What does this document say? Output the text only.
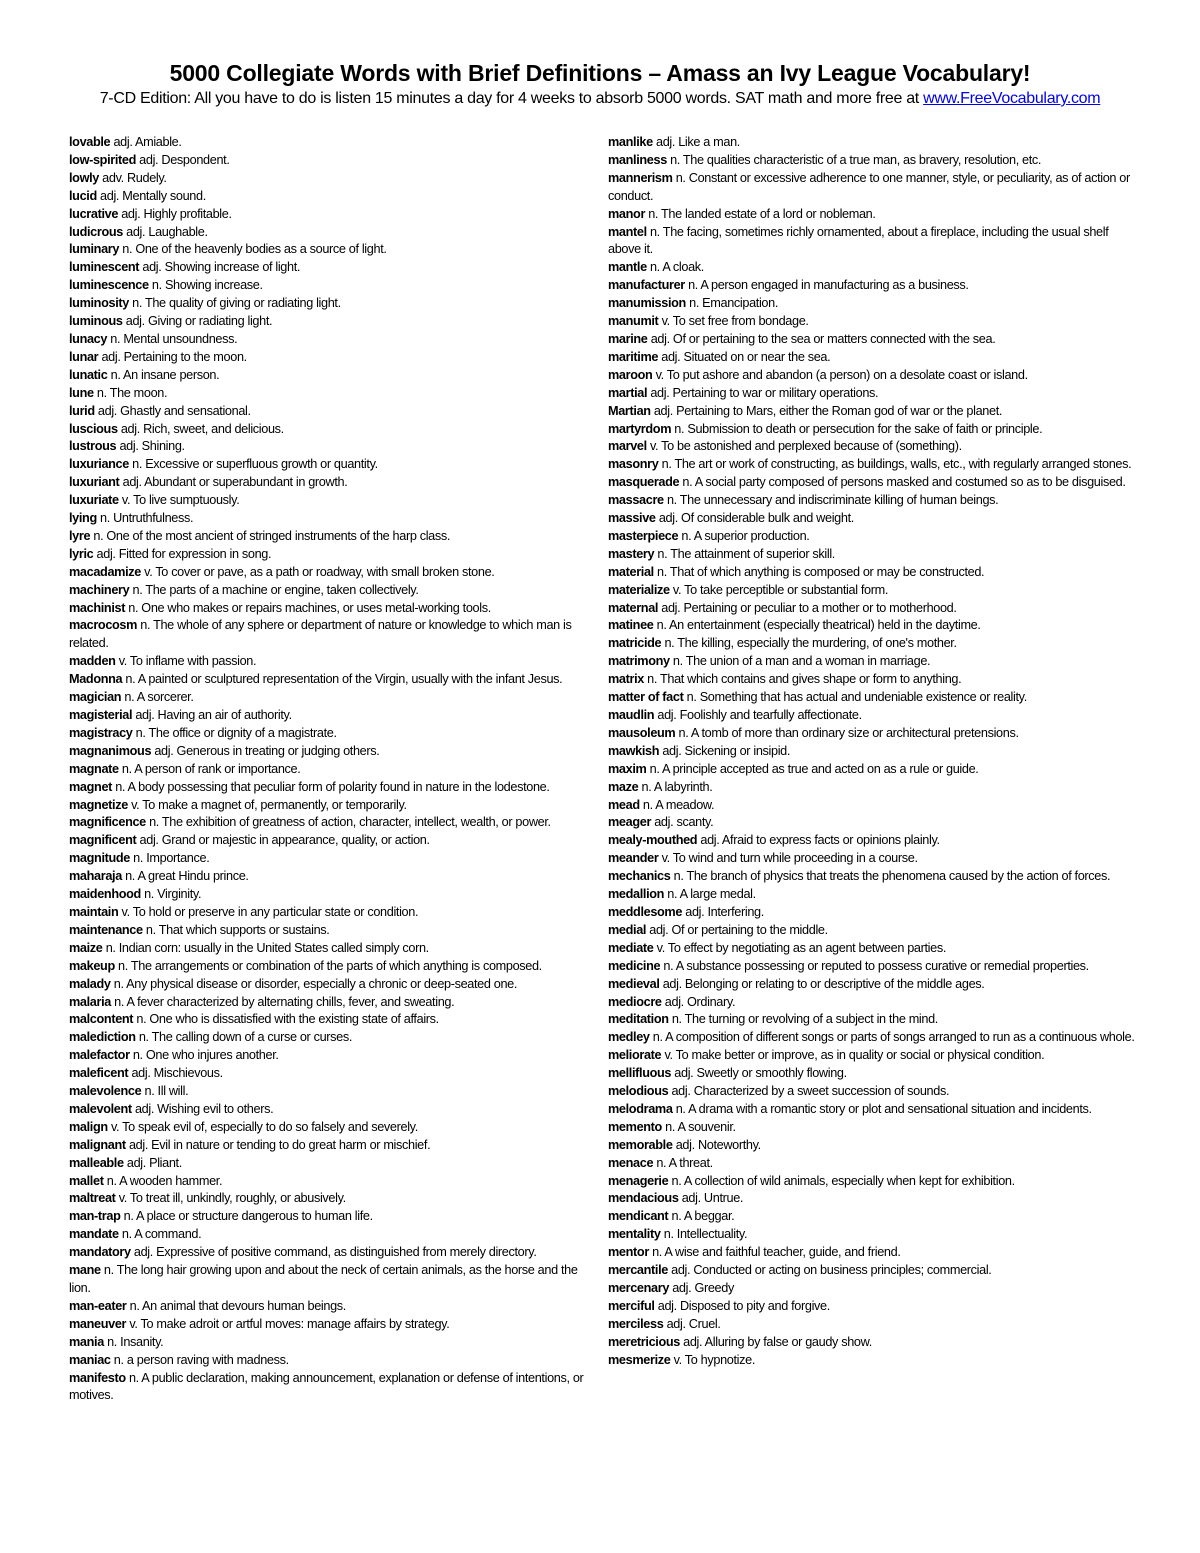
5000 Collegiate Words with Brief Definitions – Amass an Ivy League Vocabulary!

7-CD Edition: All you have to do is listen 15 minutes a day for 4 weeks to absorb 5000 words. SAT math and more free at www.FreeVocabulary.com

lovable adj. Amiable.

low-spirited adj. Despondent.

lowly adv. Rudely.

lucid adj. Mentally sound.

lucrative adj. Highly profitable.

ludicrous adj. Laughable.

luminary n. One of the heavenly bodies as a source of light.

luminescent adj. Showing increase of light.

luminescence n. Showing increase.

luminosity n. The quality of giving or radiating light.

luminous adj. Giving or radiating light.

lunacy n. Mental unsoundness.

lunar adj. Pertaining to the moon.

lunatic n. An insane person.

lune n. The moon.

lurid adj. Ghastly and sensational.

luscious adj. Rich, sweet, and delicious.

lustrous adj. Shining.

luxuriance n. Excessive or superfluous growth or quantity.

luxuriant adj. Abundant or superabundant in growth.

luxuriate v. To live sumptuously.

lying n. Untruthfulness.

lyre n. One of the most ancient of stringed instruments of the harp class.

lyric adj. Fitted for expression in song.

macadamize v. To cover or pave, as a path or roadway, with small broken stone.

machinery n. The parts of a machine or engine, taken collectively.

machinist n. One who makes or repairs machines, or uses metal-working tools.

macrocosm n. The whole of any sphere or department of nature or knowledge to which man is related.

madden v. To inflame with passion.

Madonna n. A painted or sculptured representation of the Virgin, usually with the infant Jesus.

magician n. A sorcerer.

magisterial adj. Having an air of authority.

magistracy n. The office or dignity of a magistrate.

magnanimous adj. Generous in treating or judging others.

magnate n. A person of rank or importance.

magnet n. A body possessing that peculiar form of polarity found in nature in the lodestone.

magnetize v. To make a magnet of, permanently, or temporarily.

magnificence n. The exhibition of greatness of action, character, intellect, wealth, or power.

magnificent adj. Grand or majestic in appearance, quality, or action.

magnitude n. Importance.

maharaja n. A great Hindu prince.

maidenhood n. Virginity.

maintain v. To hold or preserve in any particular state or condition.

maintenance n. That which supports or sustains.

maize n. Indian corn: usually in the United States called simply corn.

makeup n. The arrangements or combination of the parts of which anything is composed.

malady n. Any physical disease or disorder, especially a chronic or deep-seated one.

malaria n. A fever characterized by alternating chills, fever, and sweating.

malcontent n. One who is dissatisfied with the existing state of affairs.

malediction n. The calling down of a curse or curses.

malefactor n. One who injures another.

maleficent adj. Mischievous.

malevolence n. Ill will.

malevolent adj. Wishing evil to others.

malign v. To speak evil of, especially to do so falsely and severely.

malignant adj. Evil in nature or tending to do great harm or mischief.

malleable adj. Pliant.

mallet n. A wooden hammer.

maltreat v. To treat ill, unkindly, roughly, or abusively.

man-trap n. A place or structure dangerous to human life.

mandate n. A command.

mandatory adj. Expressive of positive command, as distinguished from merely directory.

mane n. The long hair growing upon and about the neck of certain animals, as the horse and the lion.

man-eater n. An animal that devours human beings.

maneuver v. To make adroit or artful moves: manage affairs by strategy.

mania n. Insanity.

maniac n. a person raving with madness.

manifesto n. A public declaration, making announcement, explanation or defense of intentions, or motives.

manlike adj. Like a man.

manliness n. The qualities characteristic of a true man, as bravery, resolution, etc.

mannerism n. Constant or excessive adherence to one manner, style, or peculiarity, as of action or conduct.

manor n. The landed estate of a lord or nobleman.

mantel n. The facing, sometimes richly ornamented, about a fireplace, including the usual shelf above it.

mantle n. A cloak.

manufacturer n. A person engaged in manufacturing as a business.

manumission n. Emancipation.

manumit v. To set free from bondage.

marine adj. Of or pertaining to the sea or matters connected with the sea.

maritime adj. Situated on or near the sea.

maroon v. To put ashore and abandon (a person) on a desolate coast or island.

martial adj. Pertaining to war or military operations.

Martian adj. Pertaining to Mars, either the Roman god of war or the planet.

martyrdom n. Submission to death or persecution for the sake of faith or principle.

marvel v. To be astonished and perplexed because of (something).

masonry n. The art or work of constructing, as buildings, walls, etc., with regularly arranged stones.

masquerade n. A social party composed of persons masked and costumed so as to be disguised.

massacre n. The unnecessary and indiscriminate killing of human beings.

massive adj. Of considerable bulk and weight.

masterpiece n. A superior production.

mastery n. The attainment of superior skill.

material n. That of which anything is composed or may be constructed.

materialize v. To take perceptible or substantial form.

maternal adj. Pertaining or peculiar to a mother or to motherhood.

matinee n. An entertainment (especially theatrical) held in the daytime.

matricide n. The killing, especially the murdering, of one's mother.

matrimony n. The union of a man and a woman in marriage.

matrix n. That which contains and gives shape or form to anything.

matter of fact n. Something that has actual and undeniable existence or reality.

maudlin adj. Foolishly and tearfully affectionate.

mausoleum n. A tomb of more than ordinary size or architectural pretensions.

mawkish adj. Sickening or insipid.

maxim n. A principle accepted as true and acted on as a rule or guide.

maze n. A labyrinth.

mead n. A meadow.

meager adj. scanty.

mealy-mouthed adj. Afraid to express facts or opinions plainly.

meander v. To wind and turn while proceeding in a course.

mechanics n. The branch of physics that treats the phenomena caused by the action of forces.

medallion n. A large medal.

meddlesome adj. Interfering.

medial adj. Of or pertaining to the middle.

mediate v. To effect by negotiating as an agent between parties.

medicine n. A substance possessing or reputed to possess curative or remedial properties.

medieval adj. Belonging or relating to or descriptive of the middle ages.

mediocre adj. Ordinary.

meditation n. The turning or revolving of a subject in the mind.

medley n. A composition of different songs or parts of songs arranged to run as a continuous whole.

meliorate v. To make better or improve, as in quality or social or physical condition.

mellifluous adj. Sweetly or smoothly flowing.

melodious adj. Characterized by a sweet succession of sounds.

melodrama n. A drama with a romantic story or plot and sensational situation and incidents.

memento n. A souvenir.

memorable adj. Noteworthy.

menace n. A threat.

menagerie n. A collection of wild animals, especially when kept for exhibition.

mendacious adj. Untrue.

mendicant n. A beggar.

mentality n. Intellectuality.

mentor n. A wise and faithful teacher, guide, and friend.

mercantile adj. Conducted or acting on business principles; commercial.

mercenary adj. Greedy

merciful adj. Disposed to pity and forgive.

merciless adj. Cruel.

meretricious adj. Alluring by false or gaudy show.

mesmerize v. To hypnotize.
